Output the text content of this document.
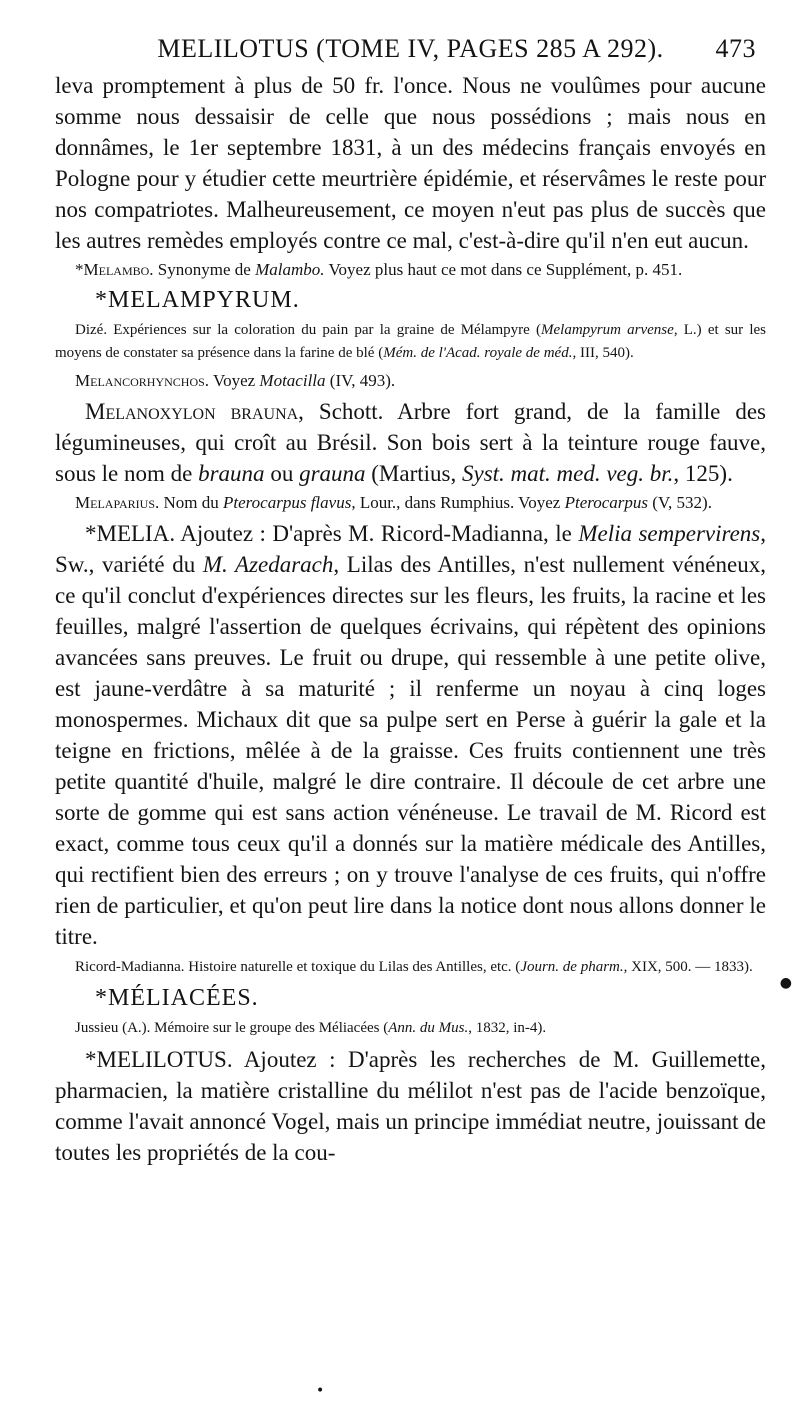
MELILOTUS (TOME IV, PAGES 285 A 292). 473

leva promptement à plus de 50 fr. l'once. Nous ne voulûmes pour aucune somme nous dessaisir de celle que nous possédions ; mais nous en donnâmes, le 1er septembre 1831, à un des médecins français envoyés en Pologne pour y étudier cette meurtrière épidémie, et réservâmes le reste pour nos compatriotes. Malheureusement, ce moyen n'eut pas plus de succès que les autres remèdes employés contre ce mal, c'est-à-dire qu'il n'en eut aucun.

*Melambo. Synonyme de Malambo. Voyez plus haut ce mot dans ce Supplément, p. 451.

*MELAMPYRUM.

Dizé. Expériences sur la coloration du pain par la graine de Mélampyre (Melampyrum arvense, L.) et sur les moyens de constater sa présence dans la farine de blé (Mém. de l'Acad. royale de méd., III, 540).

Melancorhynchos. Voyez Motacilla (IV, 493).

Melanoxylon brauna, Schott. Arbre fort grand, de la famille des légumineuses, qui croît au Brésil. Son bois sert à la teinture rouge fauve, sous le nom de brauna ou grauna (Martius, Syst. mat. med. veg. br., 125).

Melaparius. Nom du Pterocarpus flavus, Lour., dans Rumphius. Voyez Pterocarpus (V, 532).

*MELIA. Ajoutez : D'après M. Ricord-Madianna, le Melia sempervirens, Sw., variété du M. Azedarach, Lilas des Antilles, n'est nullement vénéneux, ce qu'il conclut d'expériences directes sur les fleurs, les fruits, la racine et les feuilles, malgré l'assertion de quelques écrivains, qui répètent des opinions avancées sans preuves. Le fruit ou drupe, qui ressemble à une petite olive, est jaune-verdâtre à sa maturité ; il renferme un noyau à cinq loges monospermes. Michaux dit que sa pulpe sert en Perse à guérir la gale et la teigne en frictions, mêlée à de la graisse. Ces fruits contiennent une très petite quantité d'huile, malgré le dire contraire. Il découle de cet arbre une sorte de gomme qui est sans action vénéneuse. Le travail de M. Ricord est exact, comme tous ceux qu'il a donnés sur la matière médicale des Antilles, qui rectifient bien des erreurs ; on y trouve l'analyse de ces fruits, qui n'offre rien de particulier, et qu'on peut lire dans la notice dont nous allons donner le titre.

Ricord-Madianna. Histoire naturelle et toxique du Lilas des Antilles, etc. (Journ. de pharm., XIX, 500. — 1833).

*MÉLIACÉES.

Jussieu (A.). Mémoire sur le groupe des Méliacées (Ann. du Mus., 1832, in-4).

*MELILOTUS. Ajoutez : D'après les recherches de M. Guillemette, pharmacien, la matière cristalline du mélilot n'est pas de l'acide benzoïque, comme l'avait annoncé Vogel, mais un principe immédiat neutre, jouissant de toutes les propriétés de la cou-

●
•
